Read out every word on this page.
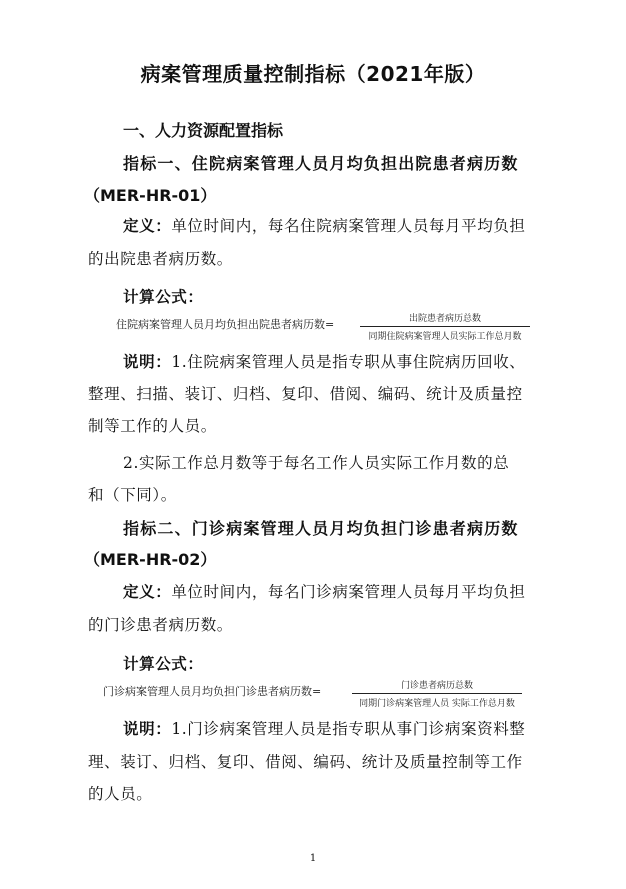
病案管理质量控制指标（2021年版）
一、人力资源配置指标
指标一、住院病案管理人员月均负担出院患者病历数
（MER-HR-01）
定义：单位时间内，每名住院病案管理人员每月平均负担
的出院患者病历数。
计算公式：
住院病案管理人员月均负担出院患者病历数=	出院患者病历总数
同期住院病案管理人员实际工作总月数
说明：1.住院病案管理人员是指专职从事住院病历回收、
整理、扫描、装订、归档、复印、借阅、编码、统计及质量控
制等工作的人员。
2.实际工作总月数等于每名工作人员实际工作月数的总
和（下同）。
指标二、门诊病案管理人员月均负担门诊患者病历数
（MER-HR-02）
定义：单位时间内，每名门诊病案管理人员每月平均负担
的门诊患者病历数。
计算公式：
门诊病案管理人员月均负担门诊患者病历数=	门诊患者病历总数
同期门诊病案管理人员 实际工作总月数
说明：1.门诊病案管理人员是指专职从事门诊病案资料整
理、装订、归档、复印、借阅、编码、统计及质量控制等工作
的人员。
1
